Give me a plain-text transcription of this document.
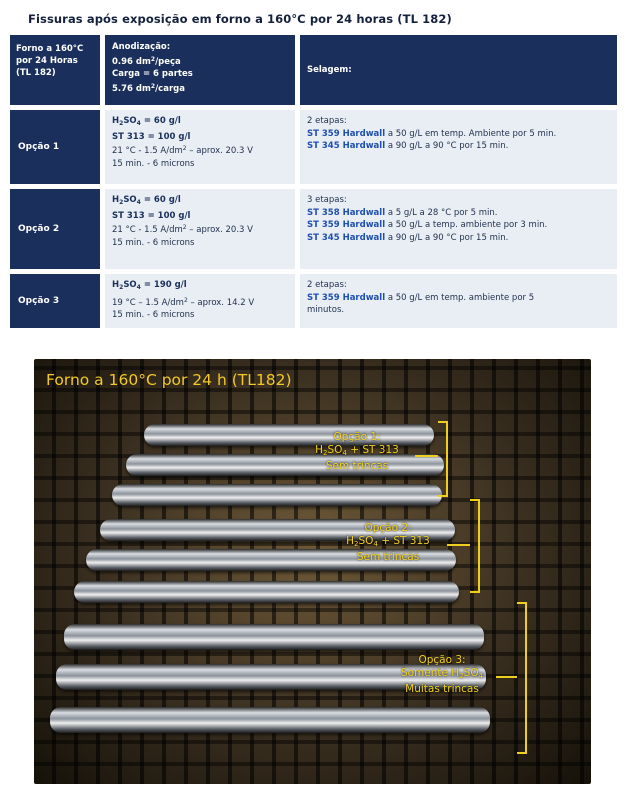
Fissuras após exposição em forno a 160°C por 24 horas (TL 182)
Forno a 160°C
por 24 Horas
(TL 182)
Anodização:
0.96 $dm^2$/peça
Carga = 6 partes
5.76 $dm^2$/carga
Selagem:
Opção 1
$H_2SO_4 = 60$ g/l
ST 313 = 100 g/l
21 °C - 1.5 $A/dm^2$ – aprox. 20.3 V
15 min. - 6 microns
2 etapas:
ST 359 Hardwall a 50 g/L em temp. Ambiente por 5 min.
ST 345 Hardwall a 90 g/L a 90 °C por 15 min.
Opção 2
$H_2SO_4 = 60$ g/l
ST 313 = 100 g/l
21 °C - 1.5 $A/dm^2$ – aprox. 20.3 V
15 min. - 6 microns
3 etapas:
ST 358 Hardwall a 5 g/L a 28 °C por 5 min.
ST 359 Hardwall a 50 g/L a temp. ambiente por 3 min.
ST 345 Hardwall a 90 g/L a 90 °C por 15 min.
Opção 3
$H_2SO_4 = 190$ g/l
19 °C – 1.5 $A/dm^2$ – aprox. 14.2 V
15 min. - 6 microns
2 etapas:
ST 359 Hardwall a 50 g/L em temp. ambiente por 5
minutos.
Forno a 160°C por 24 h (TL182)
Opção 1:
$H_2SO_4$ + ST 313
Sem trincas
Opção 2:
$H_2SO_4$ + ST 313
Sem trincas
Opção 3:
Somente $H_2SO_4$
Muitas trincas
